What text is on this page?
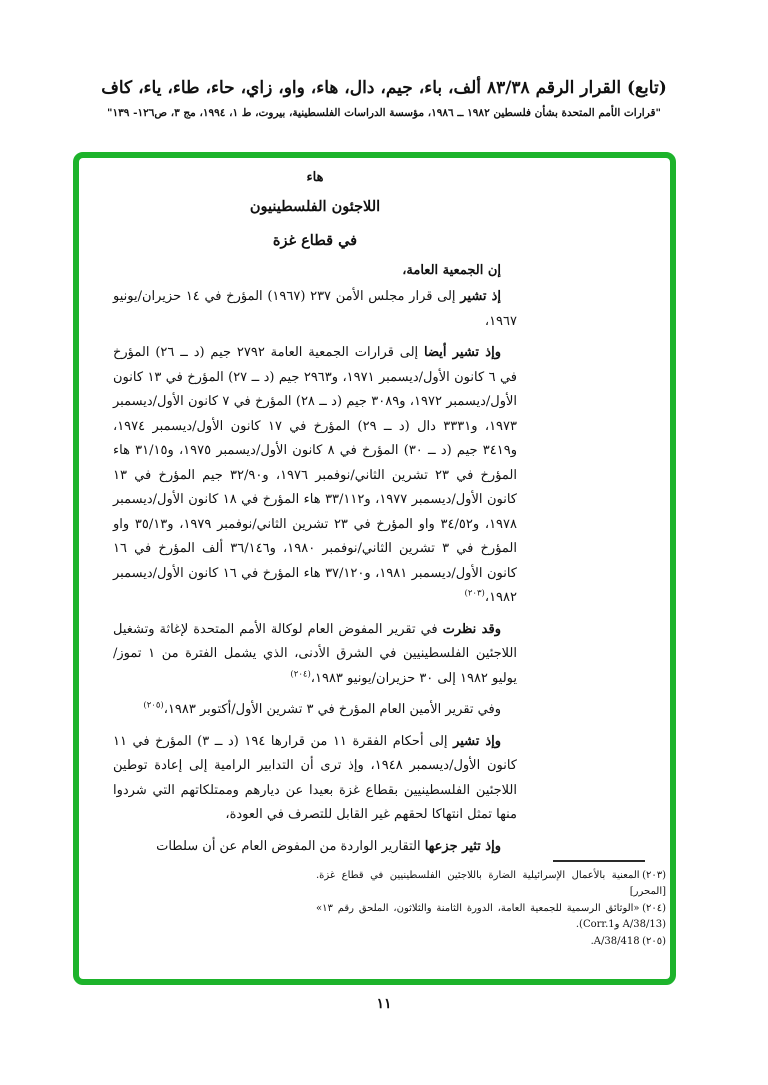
(تابع) القرار الرقم ٨٣/٣٨ ألف، باء، جيم، دال، هاء، واو، زاي، حاء، طاء، ياء، كاف
"قرارات الأمم المتحدة بشأن فلسطين ١٩٨٢ ــ ١٩٨٦، مؤسسة الدراسات الفلسطينية، بيروت، ط ١، ١٩٩٤، مج ٣، ص١٢٦- ١٣٩"
هاء
اللاجئون الفلسطينيون
في قطاع غزة
إن الجمعية العامة،

إذ تشير إلى قرار مجلس الأمن ٢٣٧ (١٩٦٧) المؤرخ في ١٤ حزيران/يونيو ١٩٦٧،

وإذ تشير أيضا إلى قرارات الجمعية العامة ٢٧٩٢ جيم (د ــ ٢٦) المؤرخ في ٦ كانون الأول/ديسمبر ١٩٧١، و٢٩٦٣ جيم (د ــ ٢٧) المؤرخ في ١٣ كانون الأول/ديسمبر ١٩٧٢، و٣٠٨٩ جيم (د ــ ٢٨) المؤرخ في ٧ كانون الأول/ديسمبر ١٩٧٣، و٣٣٣١ دال (د ــ ٢٩) المؤرخ في ١٧ كانون الأول/ديسمبر ١٩٧٤، و٣٤١٩ جيم (د ــ ٣٠) المؤرخ في ٨ كانون الأول/ديسمبر ١٩٧٥، و٣١/١٥ هاء المؤرخ في ٢٣ تشرين الثاني/نوفمبر ١٩٧٦، و٣٢/٩٠ جيم المؤرخ في ١٣ كانون الأول/ديسمبر ١٩٧٧، و٣٣/١١٢ هاء المؤرخ في ١٨ كانون الأول/ديسمبر ١٩٧٨، و٣٤/٥٢ واو المؤرخ في ٢٣ تشرين الثاني/نوفمبر ١٩٧٩، و٣٥/١٣ واو المؤرخ في ٣ تشرين الثاني/نوفمبر ١٩٨٠، و٣٦/١٤٦ ألف المؤرخ في ١٦ كانون الأول/ديسمبر ١٩٨١، و٣٧/١٢٠ هاء المؤرخ في ١٦ كانون الأول/ديسمبر ١٩٨٢،$^{(٢٠٣)}$

وقد نظرت في تقرير المفوض العام لوكالة الأمم المتحدة لإغاثة وتشغيل اللاجئين الفلسطينيين في الشرق الأدنى، الذي يشمل الفترة من ١ تموز/يوليو ١٩٨٢ إلى ٣٠ حزيران/يونيو ١٩٨٣،$^{(٢٠٤)}$

وفي تقرير الأمين العام المؤرخ في ٣ تشرين الأول/أكتوبر ١٩٨٣،$^{(٢٠٥)}$

وإذ تشير إلى أحكام الفقرة ١١ من قرارها ١٩٤ (د ــ ٣) المؤرخ في ١١ كانون الأول/ديسمبر ١٩٤٨، وإذ ترى أن التدابير الرامية إلى إعادة توطين اللاجئين الفلسطينيين بقطاع غزة بعيدا عن ديارهم وممتلكاتهم التي شردوا منها تمثل انتهاكا لحقهم غير القابل للتصرف في العودة،

وإذ تثير جزعها التقارير الواردة من المفوض العام عن أن سلطات

(٢٠٣) المعنية بالأعمال الإسرائيلية الضارة باللاجئين الفلسطينيين في قطاع غزة. [المحرر]
(٢٠٤) «الوثائق الرسمية للجمعية العامة، الدورة الثامنة والثلاثون، الملحق رقم ١٣» (A/38/13 وCorr.1).
(٢٠٥) A/38/418.
١١
